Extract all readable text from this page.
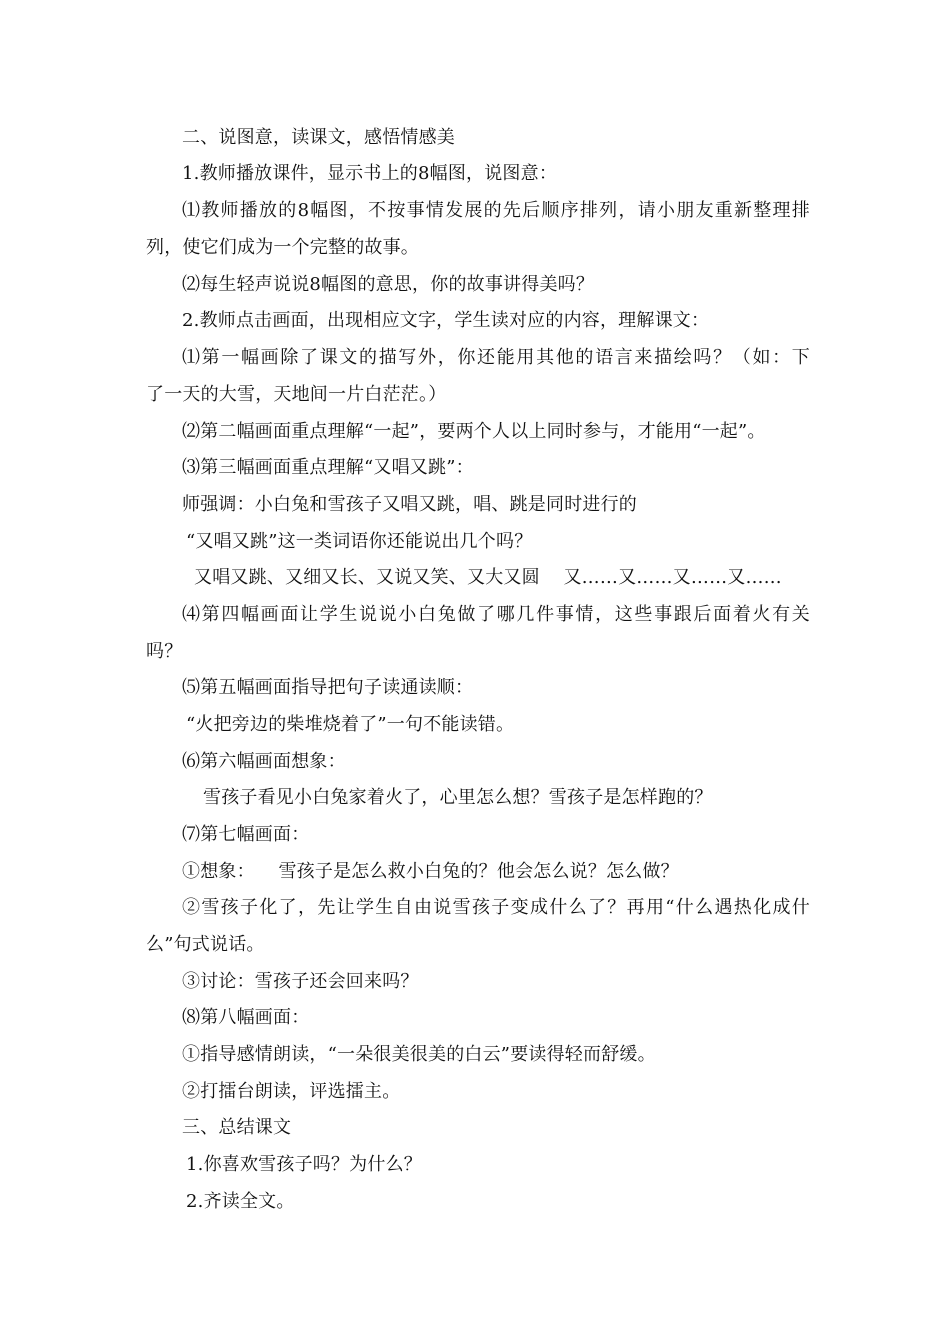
二、说图意，读课文，感悟情感美
1.教师播放课件，显示书上的8幅图，说图意：
⑴教师播放的8幅图，不按事情发展的先后顺序排列，请小朋友重新整理排
列，使它们成为一个完整的故事。
⑵每生轻声说说8幅图的意思，你的故事讲得美吗？
2.教师点击画面，出现相应文字，学生读对应的内容，理解课文：
⑴第一幅画除了课文的描写外，你还能用其他的语言来描绘吗？（如：下
了一天的大雪，天地间一片白茫茫。）
⑵第二幅画面重点理解“一起”，要两个人以上同时参与，才能用“一起”。
⑶第三幅画面重点理解“又唱又跳”：
师强调：小白兔和雪孩子又唱又跳，唱、跳是同时进行的
“又唱又跳”这一类词语你还能说出几个吗？
又唱又跳、又细又长、又说又笑、又大又圆    又……又……又……又……
⑷第四幅画面让学生说说小白兔做了哪几件事情，这些事跟后面着火有关
吗？
⑸第五幅画面指导把句子读通读顺：
“火把旁边的柴堆烧着了”一句不能读错。
⑹第六幅画面想象：
雪孩子看见小白兔家着火了，心里怎么想？雪孩子是怎样跑的？
⑺第七幅画面：
①想象：    雪孩子是怎么救小白兔的？他会怎么说？怎么做？
②雪孩子化了，先让学生自由说雪孩子变成什么了？再用“什么遇热化成什
么”句式说话。
③讨论：雪孩子还会回来吗？
⑻第八幅画面：
①指导感情朗读，“一朵很美很美的白云”要读得轻而舒缓。
②打擂台朗读，评选擂主。
三、总结课文
1.你喜欢雪孩子吗？为什么？
2.齐读全文。
